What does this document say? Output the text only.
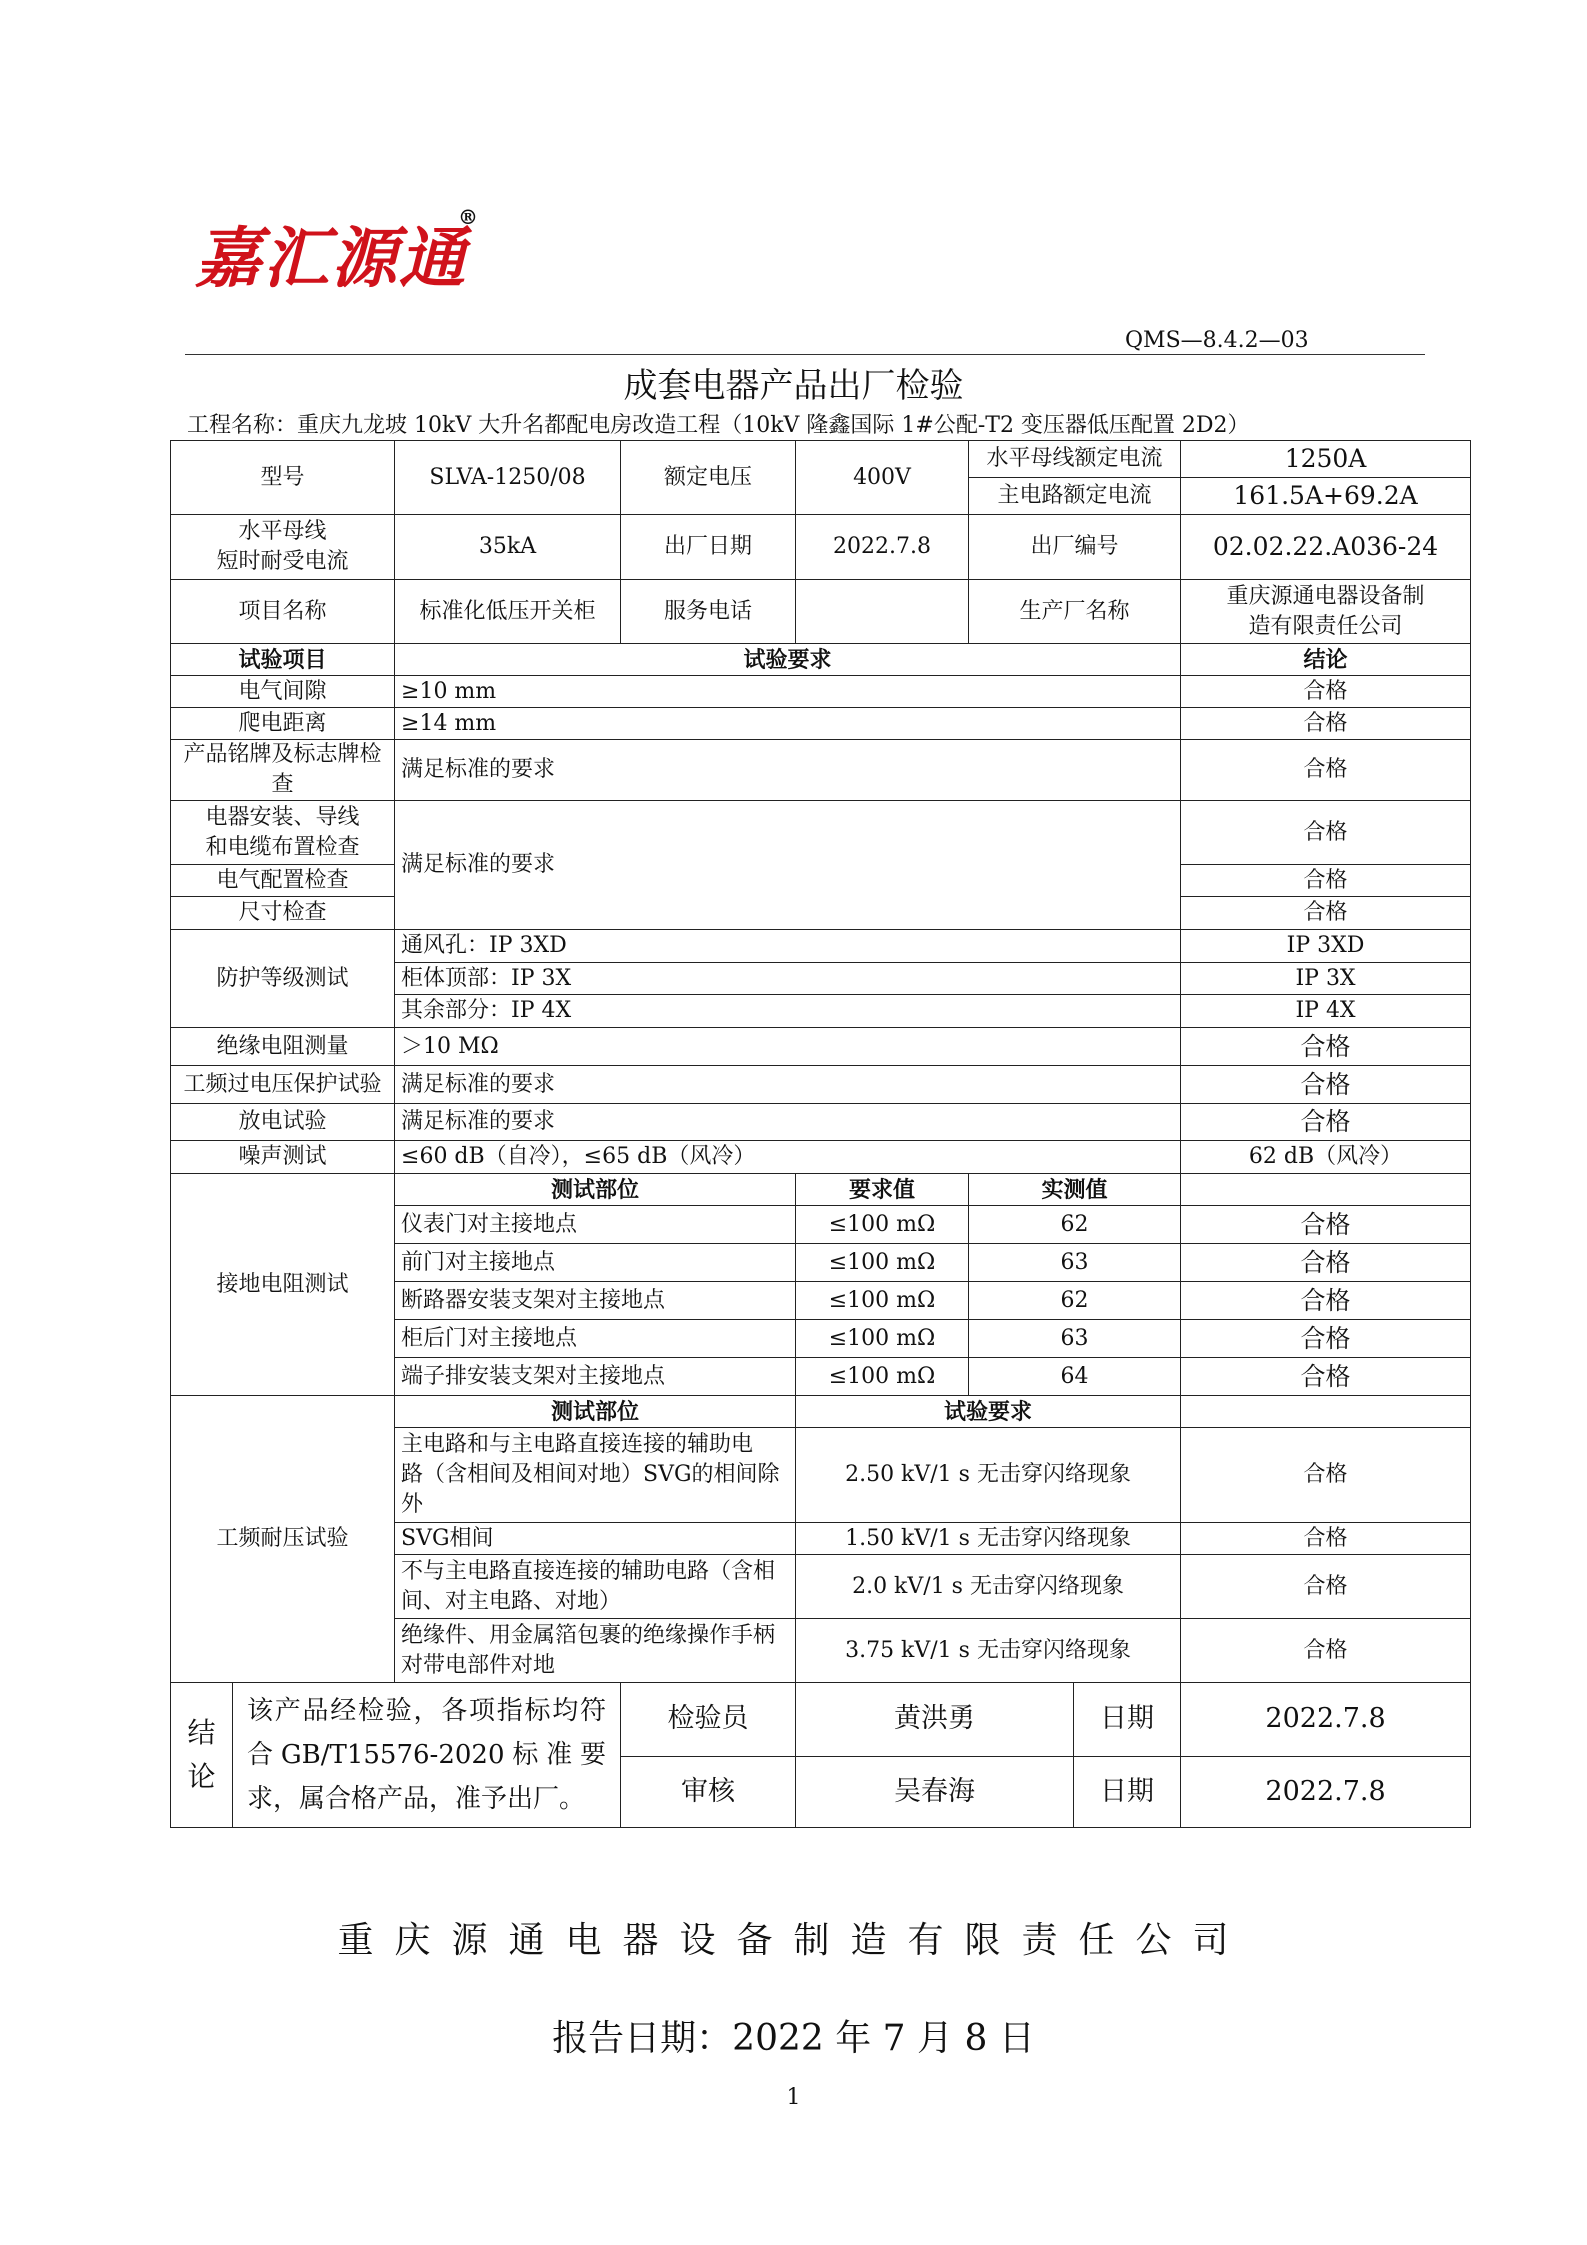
嘉汇源通
®
QMS—8.4.2—03
成套电器产品出厂检验
工程名称：重庆九龙坡 10kV 大升名都配电房改造工程（10kV 隆鑫国际 1#公配-T2 变压器低压配置 2D2）
型号		SLVA-1250/08	额定电压	400V	水平母线额定电流		1250A
					主电路额定电流		161.5A+69.2A
水平母线
短时耐受电流		35kA	出厂日期	2022.7.8	出厂编号		02.02.22.A036-24
项目名称		标准化低压开关柜	服务电话		生产厂名称		重庆源通电器设备制
造有限责任公司
试验项目		试验要求					结论
电气间隙		≥10 mm					合格
爬电距离		≥14 mm					合格
产品铭牌及标志牌检查		满足标准的要求					合格
电器安装、导线
和电缆布置检查		满足标准的要求					合格
电气配置检查							合格
尺寸检查							合格
防护等级测试		通风孔：IP 3XD					IP 3XD
		柜体顶部：IP 3X					IP 3X
		其余部分：IP 4X					IP 4X
绝缘电阻测量		＞10 MΩ					合格
工频过电压保护试验		满足标准的要求					合格
放电试验		满足标准的要求					合格
噪声测试		≤60 dB（自冷），≤65 dB（风冷）					62 dB（风冷）
接地电阻测试		测试部位		要求值	实测值		
		仪表门对主接地点		≤100 mΩ	62		合格
		前门对主接地点		≤100 mΩ	63		合格
		断路器安装支架对主接地点		≤100 mΩ	62		合格
		柜后门对主接地点		≤100 mΩ	63		合格
		端子排安装支架对主接地点		≤100 mΩ	64		合格
工频耐压试验		测试部位		试验要求			
		主电路和与主电路直接连接的辅助电
路（含相间及相间对地）SVG的相间除
外		2.50 kV/1 s 无击穿闪络现象			合格
		SVG相间		1.50 kV/1 s 无击穿闪络现象			合格
		不与主电路直接连接的辅助电路（含相
间、对主电路、对地）		2.0 kV/1 s 无击穿闪络现象			合格
		绝缘件、用金属箔包裹的绝缘操作手柄
对带电部件对地		3.75 kV/1 s 无击穿闪络现象			合格
结
论	该产品经检验，各项指标均符合GB/T15576-2020标准要求，属合格产品，准予出厂。		检验员	黄洪勇		日期	2022.7.8
			审核	吴春海		日期	2022.7.8
重庆源通电器设备制造有限责任公司
报告日期：2022 年 7 月 8 日
1
